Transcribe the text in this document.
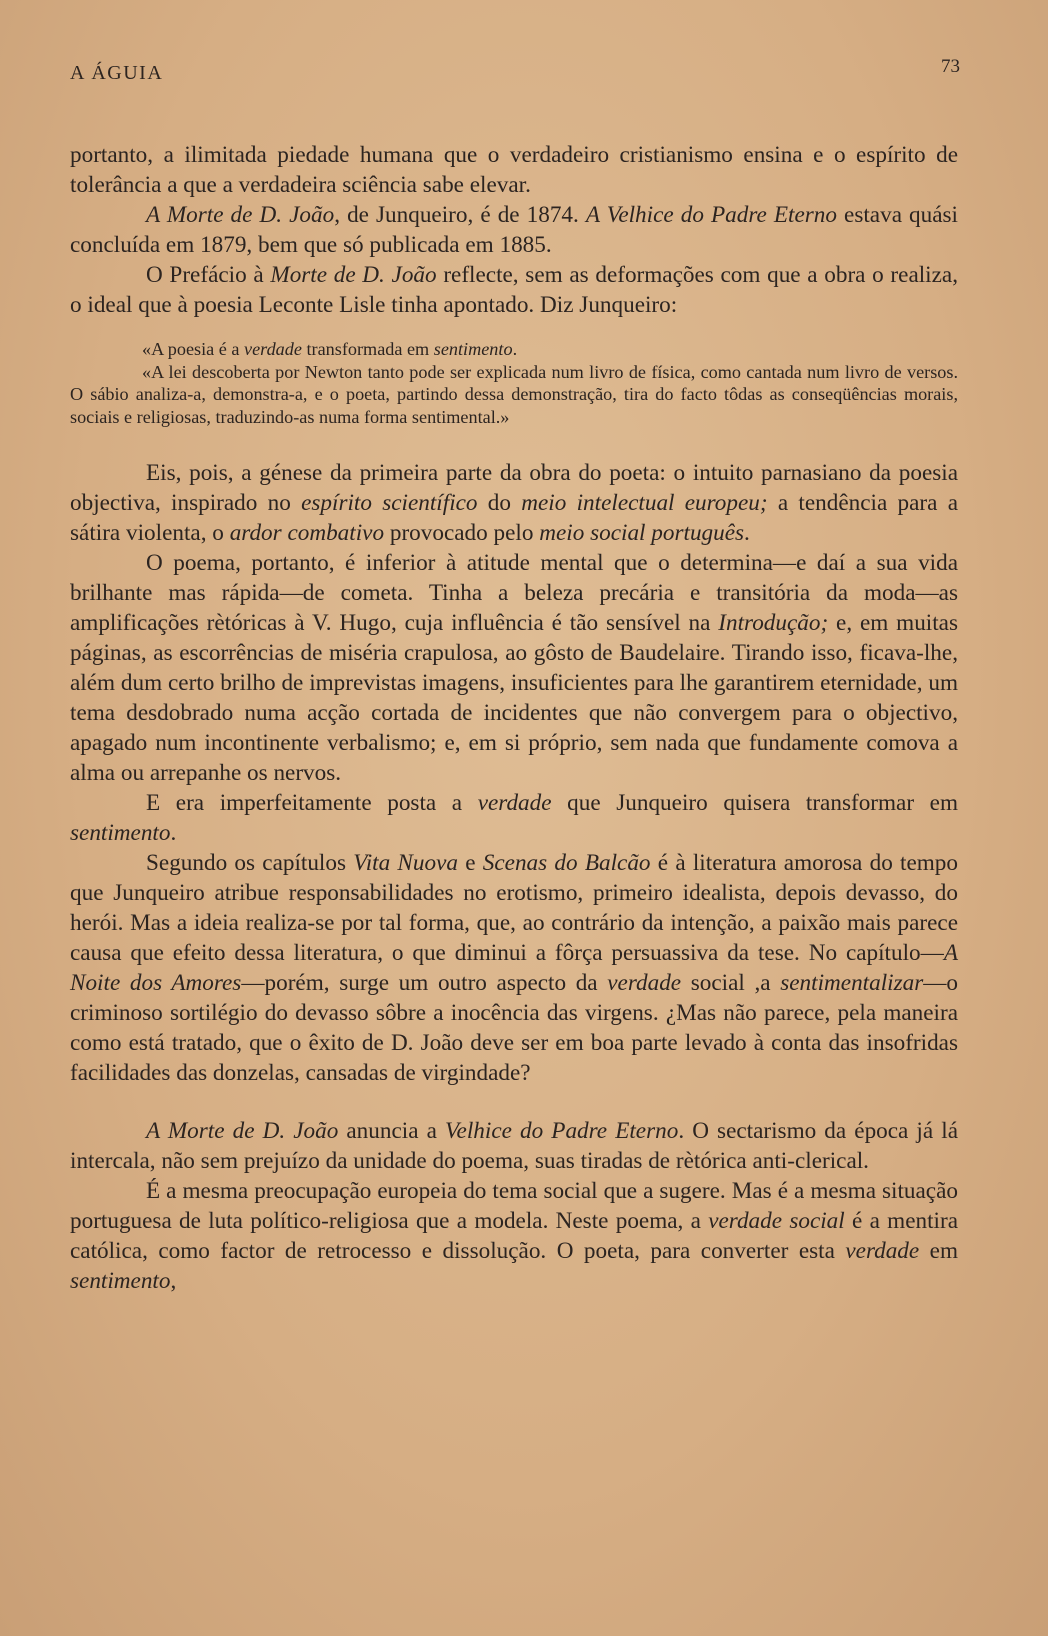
A ÁGUIA	73

portanto, a ilimitada piedade humana que o verdadeiro cristianismo ensina e o espírito de tolerância a que a verdadeira sciência sabe elevar.

A Morte de D. João, de Junqueiro, é de 1874. A Velhice do Padre Eterno estava quási concluída em 1879, bem que só publicada em 1885.

O Prefácio à Morte de D. João reflecte, sem as deformações com que a obra o realiza, o ideal que à poesia Leconte Lisle tinha apontado. Diz Junqueiro:

«A poesia é a verdade transformada em sentimento.

«A lei descoberta por Newton tanto pode ser explicada num livro de física, como cantada num livro de versos. O sábio analiza-a, demonstra-a, e o poeta, partindo dessa demonstração, tira do facto tôdas as conseqüências morais, sociais e religiosas, traduzindo-as numa forma sentimental.»

Eis, pois, a génese da primeira parte da obra do poeta: o intuito parnasiano da poesia objectiva, inspirado no espírito scientífico do meio intelectual europeu; a tendência para a sátira violenta, o ardor combativo provocado pelo meio social português.

O poema, portanto, é inferior à atitude mental que o determina—e daí a sua vida brilhante mas rápida—de cometa. Tinha a beleza precária e transitória da moda—as amplificações rètóricas à V. Hugo, cuja influência é tão sensível na Introdução; e, em muitas páginas, as escorrências de miséria crapulosa, ao gôsto de Baudelaire. Tirando isso, ficava-lhe, além dum certo brilho de imprevistas imagens, insuficientes para lhe garantirem eternidade, um tema desdobrado numa acção cortada de incidentes que não convergem para o objectivo, apagado num incontinente verbalismo; e, em si próprio, sem nada que fundamente comova a alma ou arrepanhe os nervos.

E era imperfeitamente posta a verdade que Junqueiro quisera transformar em sentimento.

Segundo os capítulos Vita Nuova e Scenas do Balcão é à literatura amorosa do tempo que Junqueiro atribue responsabilidades no erotismo, primeiro idealista, depois devasso, do herói. Mas a ideia realiza-se por tal forma, que, ao contrário da intenção, a paixão mais parece causa que efeito dessa literatura, o que diminui a fôrça persuassiva da tese. No capítulo—A Noite dos Amores—porém, surge um outro aspecto da verdade social ,a sentimentalizar—o criminoso sortilégio do devasso sôbre a inocência das virgens. ¿Mas não parece, pela maneira como está tratado, que o êxito de D. João deve ser em boa parte levado à conta das insofridas facilidades das donzelas, cansadas de virgindade?

A Morte de D. João anuncia a Velhice do Padre Eterno. O sectarismo da época já lá intercala, não sem prejuízo da unidade do poema, suas tiradas de rètórica anti-clerical.

É a mesma preocupação europeia do tema social que a sugere. Mas é a mesma situação portuguesa de luta político-religiosa que a modela. Neste poema, a verdade social é a mentira católica, como factor de retrocesso e dissolução. O poeta, para converter esta verdade em sentimento,
